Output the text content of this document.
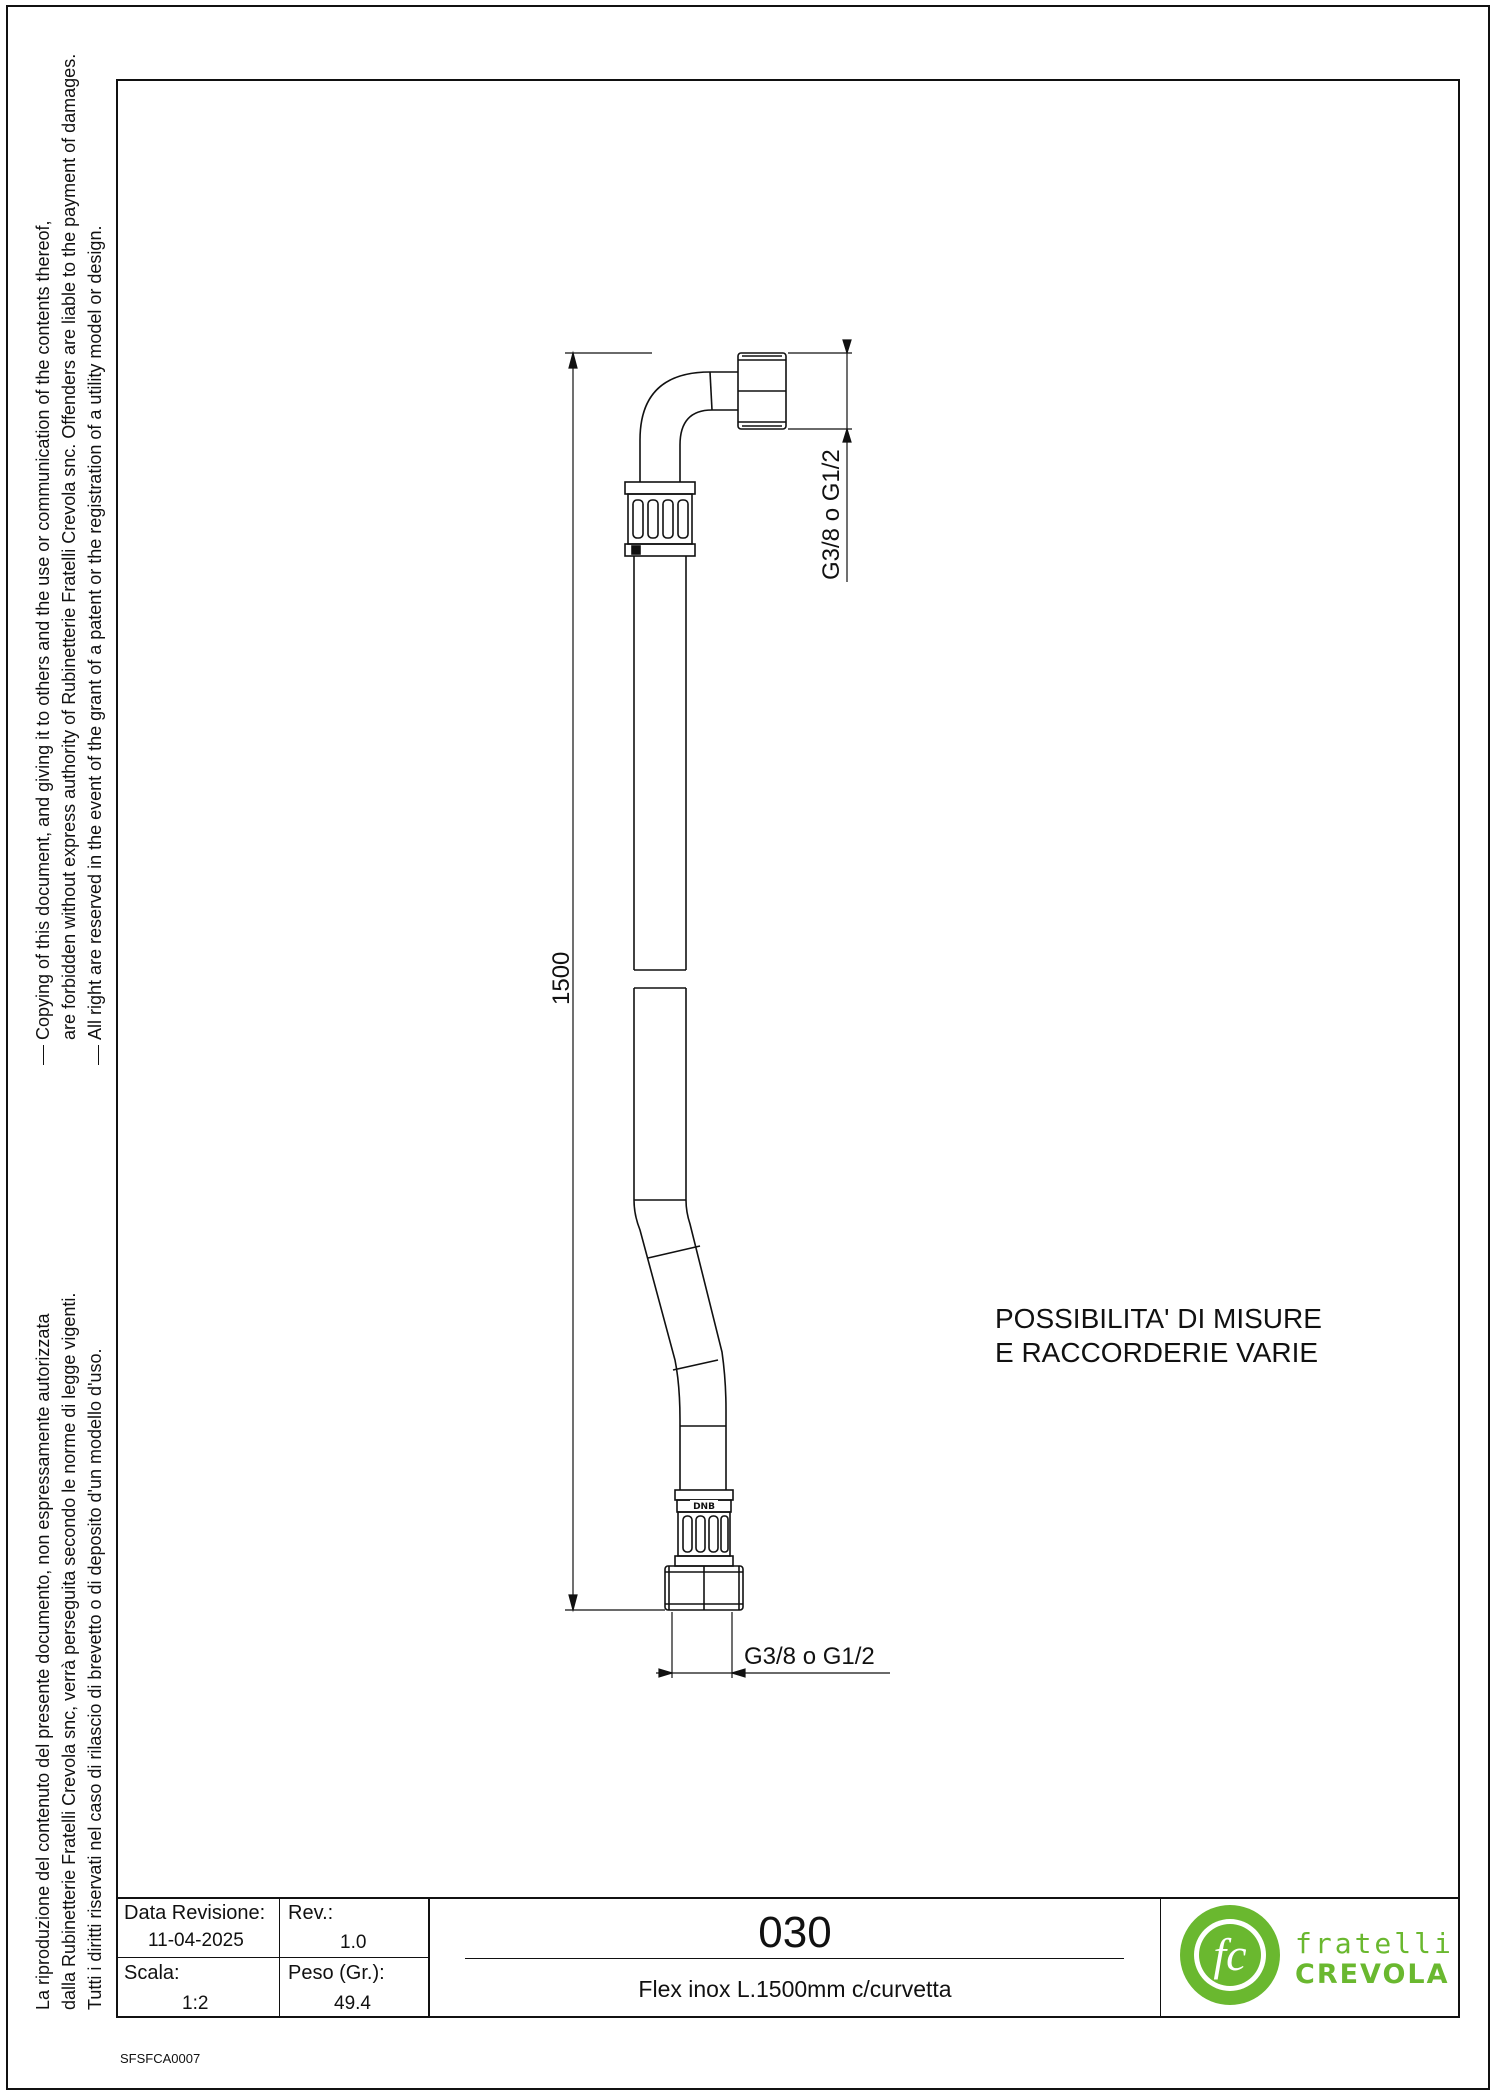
La riproduzione del contenuto del presente documento, non espressamente autorizzata dalla Rubinetterie Fratelli Crevola snc, verrà perseguita secondo le norme di legge vigenti. Tutti i diritti riservati nel caso di rilascio di brevetto o di deposito d'un modello d'uso.
Copying of this document, and giving it to others and the use or communication of the contents thereof, are forbidden without express authority of Rubinetterie Fratelli Crevola snc. Offenders are liable to the payment of damages. All right are reserved in the event of the grant of a patent or the registration of a utility model or design.
fc fratelli
CREVOLA
DNB
1500
G3/8 o G1/2
G3/8 o G1/2
POSSIBILITA' DI MISURE
E RACCORDERIE VARIE
Data Revisione:
11-04-2025
Rev.:
1.0
Scala:
1:2
Peso (Gr.):
49.4
030
Flex inox L.1500mm c/curvetta
SFSFCA0007
